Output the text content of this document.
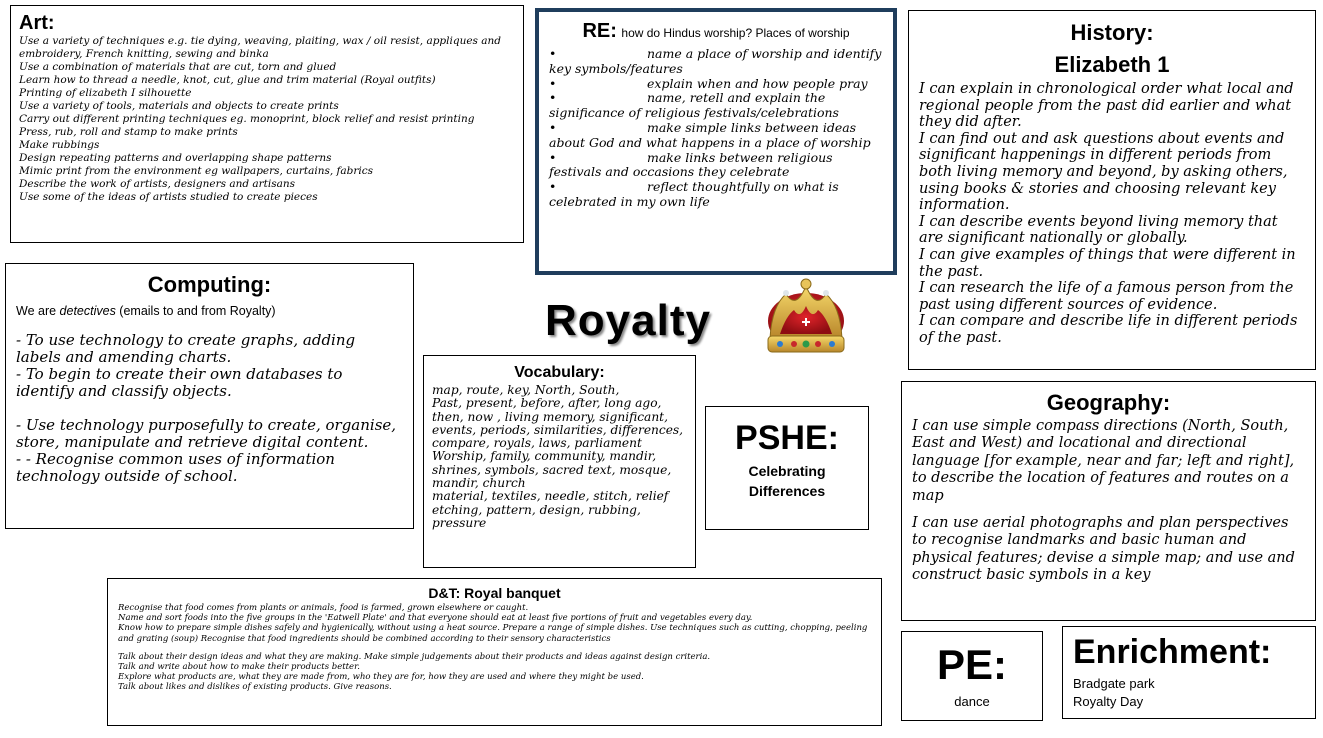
Art:
Use a variety of techniques e.g. tie dying, weaving, plaiting, wax / oil resist, appliques and embroidery, French knitting, sewing and binka
Use a combination of materials that are cut, torn and glued
Learn how to thread a needle, knot, cut, glue and trim material (Royal outfits)
Printing of elizabeth I silhouette
Use a variety of tools, materials and objects to create prints
Carry out different printing techniques eg. monoprint, block relief and resist printing
Press, rub, roll and stamp to make prints
Make rubbings
Design repeating patterns and overlapping shape patterns
Mimic print from the environment eg wallpapers, curtains, fabrics
Describe the work of artists, designers and artisans
Use some of the ideas of artists studied to create pieces
RE: how do Hindus worship? Places of worship
•	name a place of worship and identify key symbols/features
•	explain when and how people pray
•	name, retell and explain the significance of religious festivals/celebrations
•	make simple links between ideas about God and what happens in a place of worship
•	make links between religious festivals and occasions they celebrate
•	reflect thoughtfully on what is celebrated in my own life
History:
Elizabeth 1
I can explain in chronological order what local and regional people from the past did earlier and what they did after.
I can find out and ask questions about events and significant happenings in different periods from both living memory and beyond, by asking others, using books & stories and choosing relevant key information.
I can describe events beyond living memory that are significant nationally or globally.
I can give examples of things that were different in the past.
I can research the life of a famous person from the past using different sources of evidence.
I can compare and describe life in different periods of the past.
Computing:
We are detectives (emails to and from Royalty)
- To use technology to create graphs, adding labels and amending charts.
- To begin to create their own databases to identify and classify objects.
- Use technology purposefully to create, organise, store, manipulate and retrieve digital content.
- - Recognise common uses of information technology outside of school.
Royalty
Vocabulary:
map, route, key, North, South,
Past, present, before, after, long ago, then, now , living memory, significant, events, periods, similarities, differences, compare, royals, laws, parliament
Worship, family, community, mandir, shrines, symbols, sacred text, mosque, mandir, church
material, textiles, needle, stitch, relief etching, pattern, design, rubbing, pressure
PSHE:
Celebrating
Differences
Geography:
I can use simple compass directions (North, South, East and West) and locational and directional language [for example, near and far; left and right], to describe the location of features and routes on a map
I can use aerial photographs and plan perspectives to recognise landmarks and basic human and physical features; devise a simple map; and use and construct basic symbols in a key
D&T: Royal banquet
Recognise that food comes from plants or animals, food is farmed, grown elsewhere or caught.
Name and sort foods into the five groups in the 'Eatwell Plate' and that everyone should eat at least five portions of fruit and vegetables every day.
Know how to prepare simple dishes safely and hygienically, without using a heat source. Prepare a range of simple dishes. Use techniques such as cutting, chopping, peeling and grating (soup) Recognise that food ingredients should be combined according to their sensory characteristics
Talk about their design ideas and what they are making. Make simple judgements about their products and ideas against design criteria.
Talk and write about how to make their products better.
Explore what products are, what they are made from, who they are for, how they are used and where they might be used.
Talk about likes and dislikes of existing products. Give reasons.	PE:
dance
Enrichment:
Bradgate park
Royalty Day
